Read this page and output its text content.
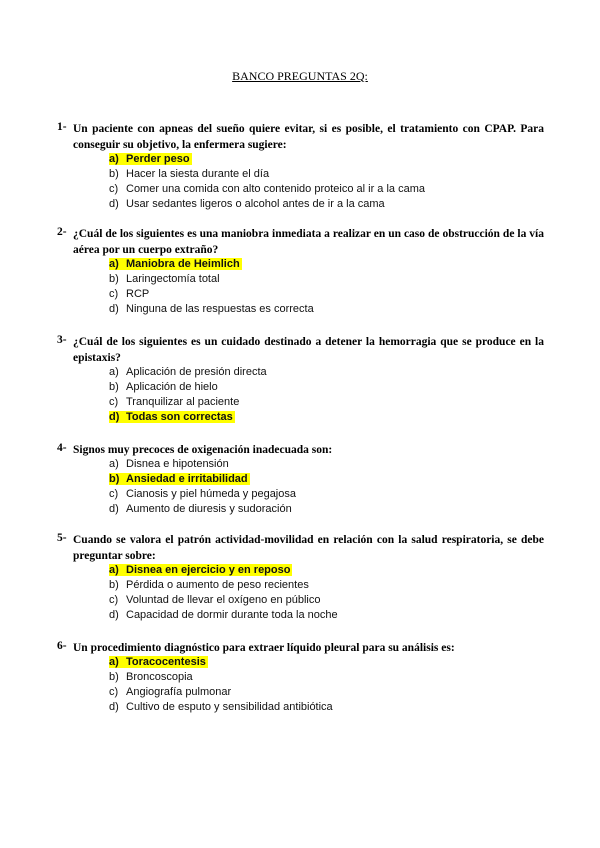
BANCO PREGUNTAS 2Q:
1- Un paciente con apneas del sueño quiere evitar, si es posible, el tratamiento con CPAP. Para conseguir su objetivo, la enfermera sugiere:
a) Perder peso
b) Hacer la siesta durante el día
c) Comer una comida con alto contenido proteico al ir a la cama
d) Usar sedantes ligeros o alcohol antes de ir a la cama
2- ¿Cuál de los siguientes es una maniobra inmediata a realizar en un caso de obstrucción de la vía aérea por un cuerpo extraño?
a) Maniobra de Heimlich
b) Laringectomía total
c) RCP
d) Ninguna de las respuestas es correcta
3- ¿Cuál de los siguientes es un cuidado destinado a detener la hemorragia que se produce en la epistaxis?
a) Aplicación de presión directa
b) Aplicación de hielo
c) Tranquilizar al paciente
d) Todas son correctas
4- Signos muy precoces de oxigenación inadecuada son:
a) Disnea e hipotensión
b) Ansiedad e irritabilidad
c) Cianosis y piel húmeda y pegajosa
d) Aumento de diuresis y sudoración
5- Cuando se valora el patrón actividad-movilidad en relación con la salud respiratoria, se debe preguntar sobre:
a) Disnea en ejercicio y en reposo
b) Pérdida o aumento de peso recientes
c) Voluntad de llevar el oxígeno en público
d) Capacidad de dormir durante toda la noche
6- Un procedimiento diagnóstico para extraer líquido pleural para su análisis es:
a) Toracocentesis
b) Broncoscopia
c) Angiografía pulmonar
d) Cultivo de esputo y sensibilidad antibiótica
